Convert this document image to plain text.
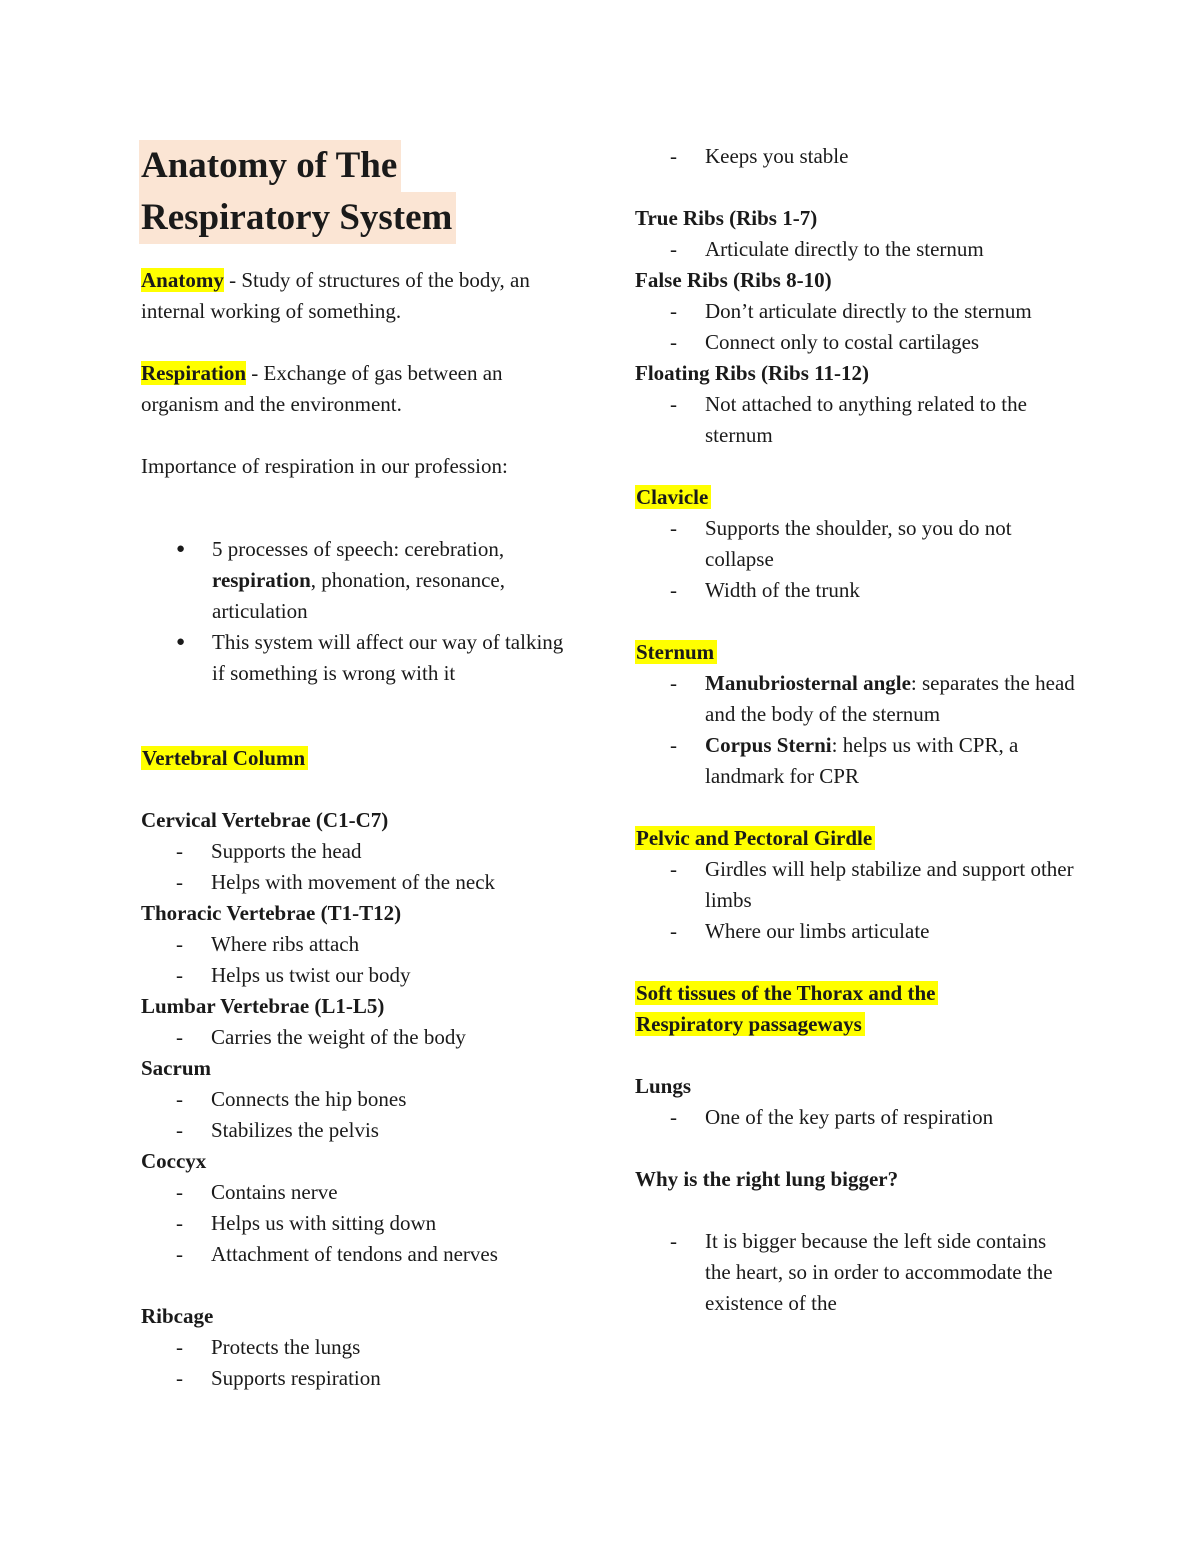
Anatomy of The
Respiratory System

Anatomy - Study of structures of the body, an internal working of something.

Respiration - Exchange of gas between an organism and the environment.

Importance of respiration in our profession:

● 5 processes of speech: cerebration, respiration, phonation, resonance, articulation
● This system will affect our way of talking if something is wrong with it

Vertebral Column

Cervical Vertebrae (C1-C7)

- Supports the head
- Helps with movement of the neck

Thoracic Vertebrae (T1-T12)

- Where ribs attach
- Helps us twist our body

Lumbar Vertebrae (L1-L5)

- Carries the weight of the body

Sacrum

- Connects the hip bones
- Stabilizes the pelvis

Coccyx

- Contains nerve
- Helps us with sitting down
- Attachment of tendons and nerves

Ribcage

- Protects the lungs
- Supports respiration
- Keeps you stable

True Ribs (Ribs 1-7)

- Articulate directly to the sternum

False Ribs (Ribs 8-10)

- Don’t articulate directly to the sternum
- Connect only to costal cartilages

Floating Ribs (Ribs 11-12)

- Not attached to anything related to the sternum

Clavicle

- Supports the shoulder, so you do not collapse
- Width of the trunk

Sternum

- Manubriosternal angle: separates the head and the body of the sternum
- Corpus Sterni: helps us with CPR, a landmark for CPR

Pelvic and Pectoral Girdle

- Girdles will help stabilize and support other limbs
- Where our limbs articulate

Soft tissues of the Thorax and the

Respiratory passageways

Lungs

- One of the key parts of respiration

Why is the right lung bigger?

- It is bigger because the left side contains the heart, so in order to accommodate the existence of the
